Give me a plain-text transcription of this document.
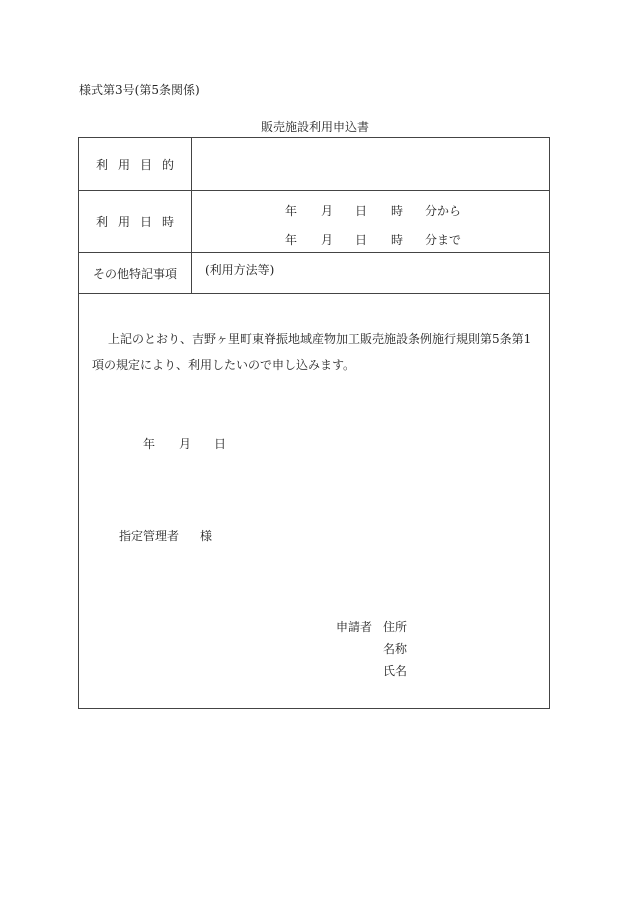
様式第3号(第5条関係)
販売施設利用申込書
利用目的
利用日時
年 月 日 時 分から
年 月 日 時 分まで
その他特記事項 (利用方法等)
上記のとおり、吉野ヶ里町東脊振地域産物加工販売施設条例施行規則第5条第1項の規定により、利用したいので申し込みます。
年 月 日
指定管理者 様
申請者 住所
名称
氏名
